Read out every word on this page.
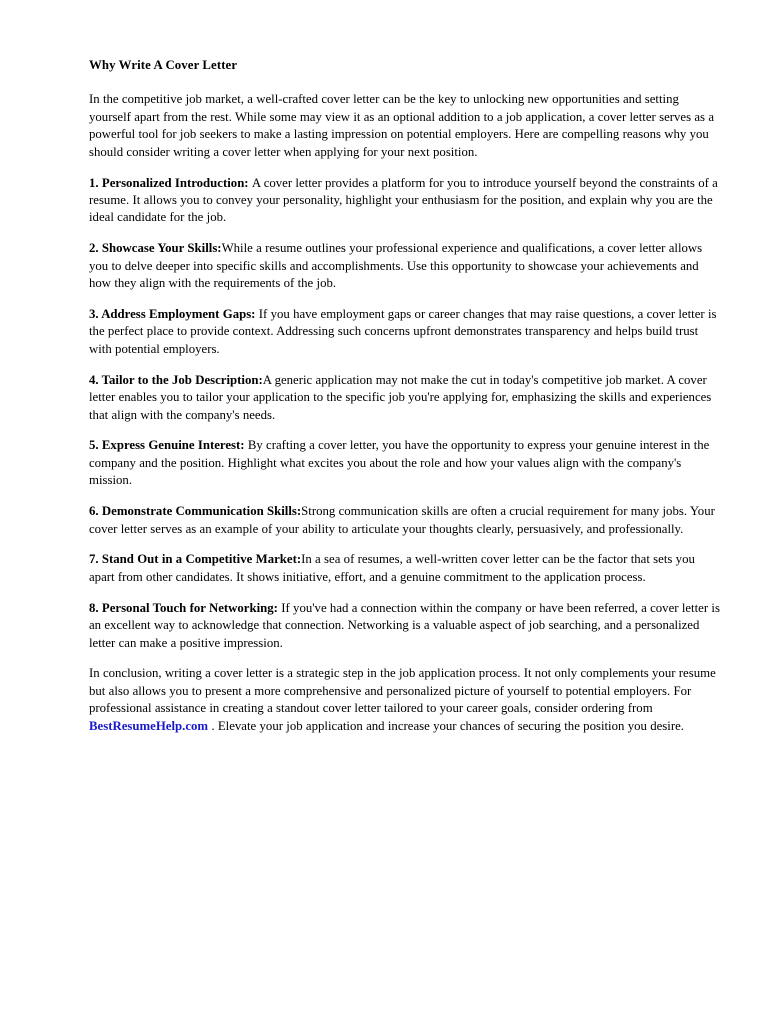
Why Write A Cover Letter

In the competitive job market, a well-crafted cover letter can be the key to unlocking new opportunities and setting yourself apart from the rest. While some may view it as an optional addition to a job application, a cover letter serves as a powerful tool for job seekers to make a lasting impression on potential employers. Here are compelling reasons why you should consider writing a cover letter when applying for your next position.

1. Personalized Introduction: A cover letter provides a platform for you to introduce yourself beyond the constraints of a resume. It allows you to convey your personality, highlight your enthusiasm for the position, and explain why you are the ideal candidate for the job.

2. Showcase Your Skills:While a resume outlines your professional experience and qualifications, a cover letter allows you to delve deeper into specific skills and accomplishments. Use this opportunity to showcase your achievements and how they align with the requirements of the job.

3. Address Employment Gaps: If you have employment gaps or career changes that may raise questions, a cover letter is the perfect place to provide context. Addressing such concerns upfront demonstrates transparency and helps build trust with potential employers.

4. Tailor to the Job Description:A generic application may not make the cut in today's competitive job market. A cover letter enables you to tailor your application to the specific job you're applying for, emphasizing the skills and experiences that align with the company's needs.

5. Express Genuine Interest: By crafting a cover letter, you have the opportunity to express your genuine interest in the company and the position. Highlight what excites you about the role and how your values align with the company's mission.

6. Demonstrate Communication Skills:Strong communication skills are often a crucial requirement for many jobs. Your cover letter serves as an example of your ability to articulate your thoughts clearly, persuasively, and professionally.

7. Stand Out in a Competitive Market:In a sea of resumes, a well-written cover letter can be the factor that sets you apart from other candidates. It shows initiative, effort, and a genuine commitment to the application process.

8. Personal Touch for Networking: If you've had a connection within the company or have been referred, a cover letter is an excellent way to acknowledge that connection. Networking is a valuable aspect of job searching, and a personalized letter can make a positive impression.

In conclusion, writing a cover letter is a strategic step in the job application process. It not only complements your resume but also allows you to present a more comprehensive and personalized picture of yourself to potential employers. For professional assistance in creating a standout cover letter tailored to your career goals, consider ordering from BestResumeHelp.com . Elevate your job application and increase your chances of securing the position you desire.
